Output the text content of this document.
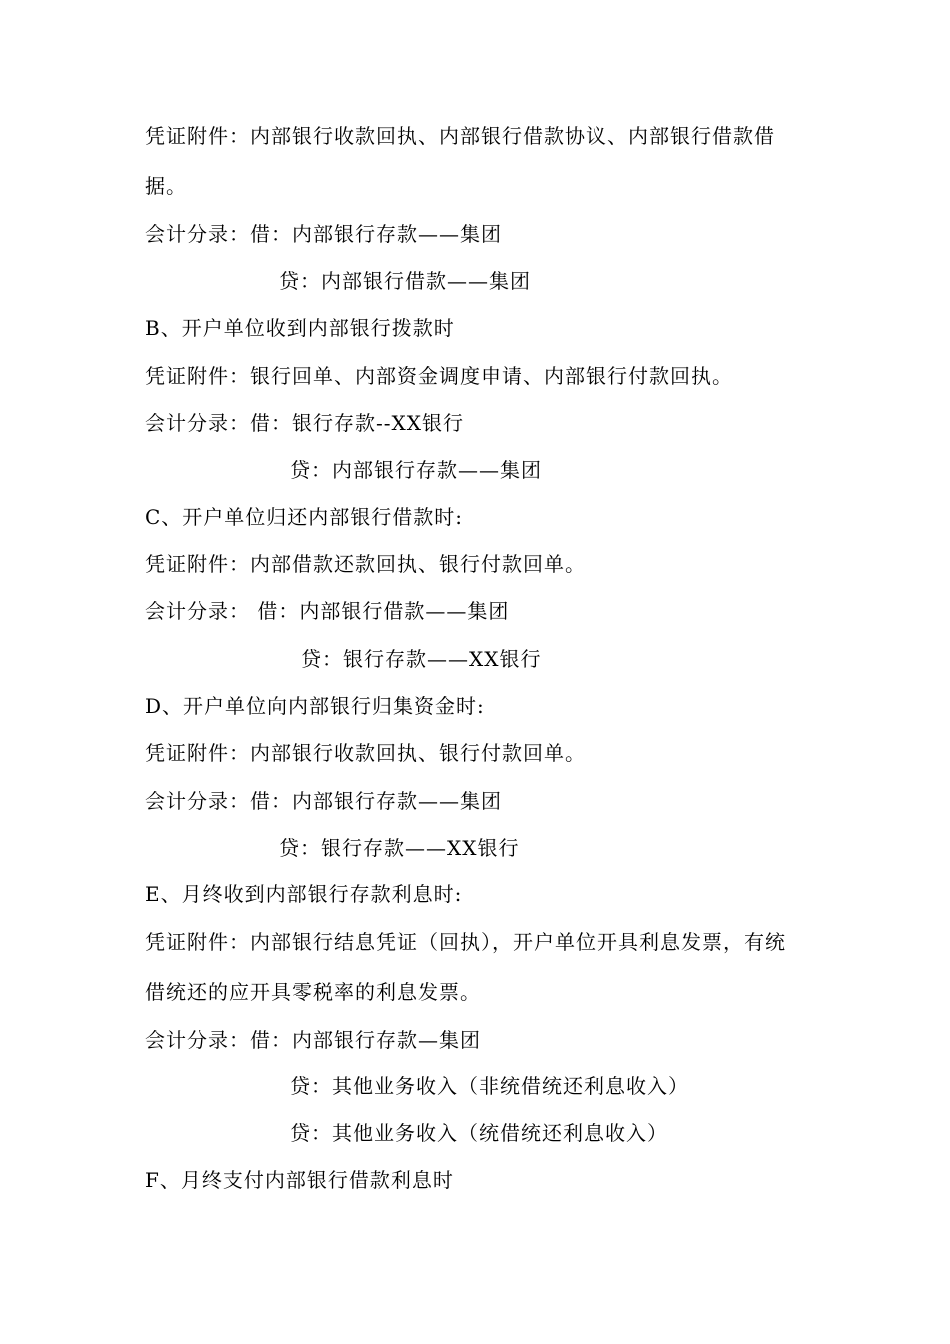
凭证附件：内部银行收款回执、内部银行借款协议、内部银行借款借
据。
会计分录：借：内部银行存款——集团
贷：内部银行借款——集团
B、开户单位收到内部银行拨款时
凭证附件：银行回单、内部资金调度申请、内部银行付款回执。
会计分录：借：银行存款--XX银行
贷：内部银行存款——集团
C、开户单位归还内部银行借款时:
凭证附件：内部借款还款回执、银行付款回单。
会计分录： 借：内部银行借款——集团
贷：银行存款——XX银行
D、开户单位向内部银行归集资金时:
凭证附件：内部银行收款回执、银行付款回单。
会计分录：借：内部银行存款——集团
贷：银行存款——XX银行
E、月终收到内部银行存款利息时:
凭证附件：内部银行结息凭证（回执），开户单位开具利息发票，有统
借统还的应开具零税率的利息发票。
会计分录：借：内部银行存款—集团
贷：其他业务收入（非统借统还利息收入）
贷：其他业务收入（统借统还利息收入）
F、月终支付内部银行借款利息时
